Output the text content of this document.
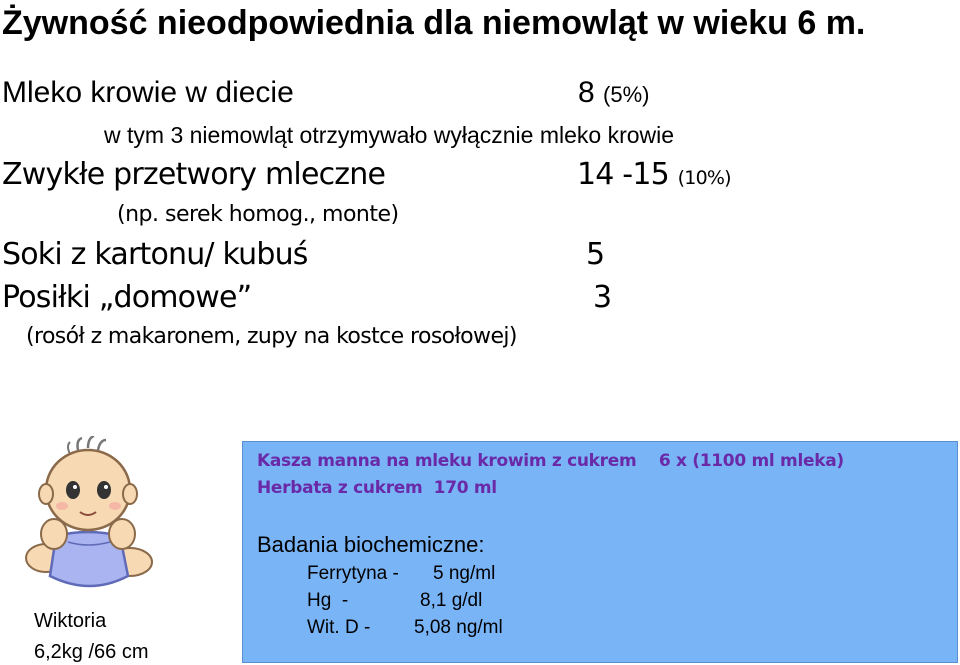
Żywność nieodpowiednia dla niemowląt w wieku 6 m.
Mleko krowie w diecie	8 (5%)
w tym 3 niemowląt otrzymywało wyłącznie mleko krowie
Zwykłe przetwory mleczne	14 -15 (10%)
(np. serek homog., monte)
Soki z kartonu/ kubuś	5
Posiłki „domowe”	3
(rosół z makaronem, zupy na kostce rosołowej)
Wiktoria
6,2kg /66 cm
Kasza manna na mleku krowim z cukrem    6 x (1100 ml mleka)
Herbata z cukrem  170 ml
Badania biochemiczne:
Ferrytyna - 5 ng/ml
Hg  -	8,1 g/dl
Wit. D - 5,08 ng/ml
